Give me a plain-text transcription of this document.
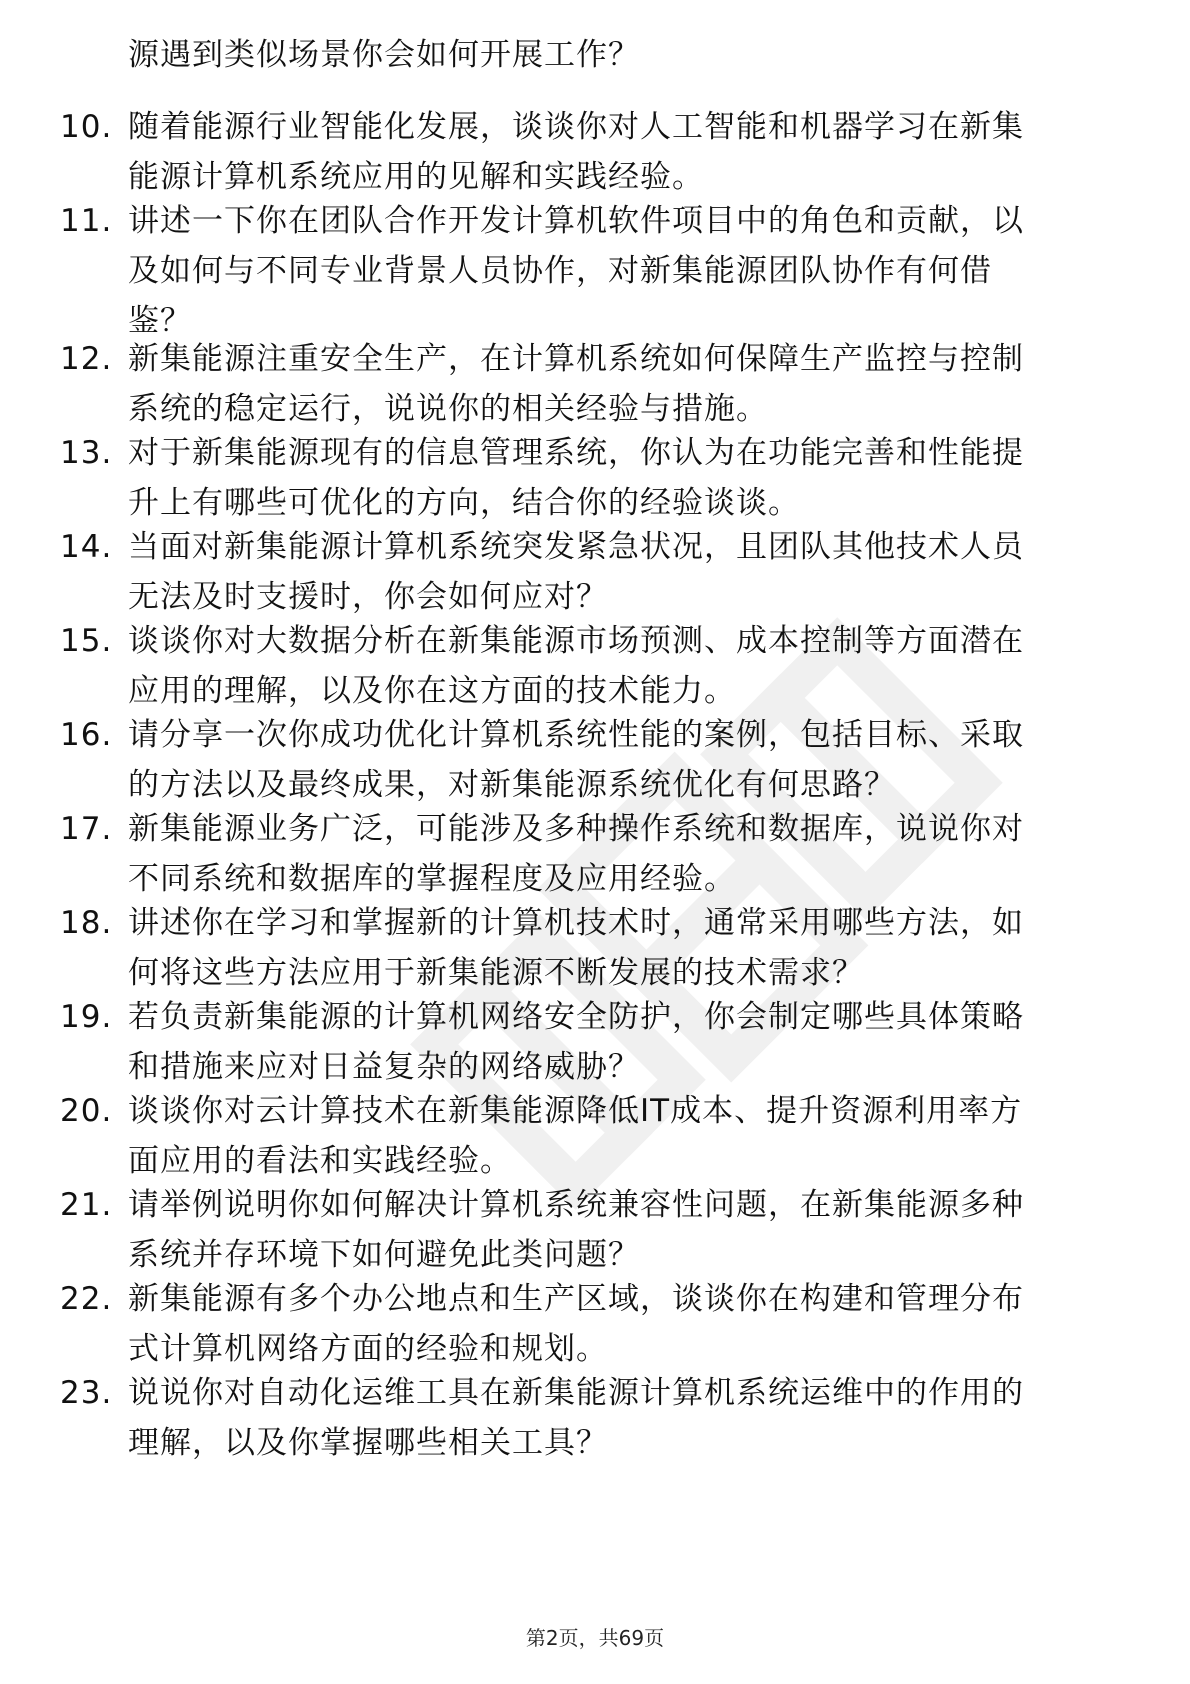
源遇到类似场景你会如何开展工作？
10. 随着能源行业智能化发展，谈谈你对人工智能和机器学习在新集
能源计算机系统应用的见解和实践经验。
11. 讲述一下你在团队合作开发计算机软件项目中的角色和贡献，以
及如何与不同专业背景人员协作，对新集能源团队协作有何借
鉴？
12. 新集能源注重安全生产，在计算机系统如何保障生产监控与控制
系统的稳定运行，说说你的相关经验与措施。
13. 对于新集能源现有的信息管理系统，你认为在功能完善和性能提
升上有哪些可优化的方向，结合你的经验谈谈。
14. 当面对新集能源计算机系统突发紧急状况，且团队其他技术人员
无法及时支援时，你会如何应对？
15. 谈谈你对大数据分析在新集能源市场预测、成本控制等方面潜在
应用的理解，以及你在这方面的技术能力。
16. 请分享一次你成功优化计算机系统性能的案例，包括目标、采取
的方法以及最终成果，对新集能源系统优化有何思路？
17. 新集能源业务广泛，可能涉及多种操作系统和数据库，说说你对
不同系统和数据库的掌握程度及应用经验。
18. 讲述你在学习和掌握新的计算机技术时，通常采用哪些方法，如
何将这些方法应用于新集能源不断发展的技术需求？
19. 若负责新集能源的计算机网络安全防护，你会制定哪些具体策略
和措施来应对日益复杂的网络威胁？
20. 谈谈你对云计算技术在新集能源降低IT成本、提升资源利用率方
面应用的看法和实践经验。
21. 请举例说明你如何解决计算机系统兼容性问题，在新集能源多种
系统并存环境下如何避免此类问题？
22. 新集能源有多个办公地点和生产区域，谈谈你在构建和管理分布
式计算机网络方面的经验和规划。
23. 说说你对自动化运维工具在新集能源计算机系统运维中的作用的
理解，以及你掌握哪些相关工具？
第2页，共69页
